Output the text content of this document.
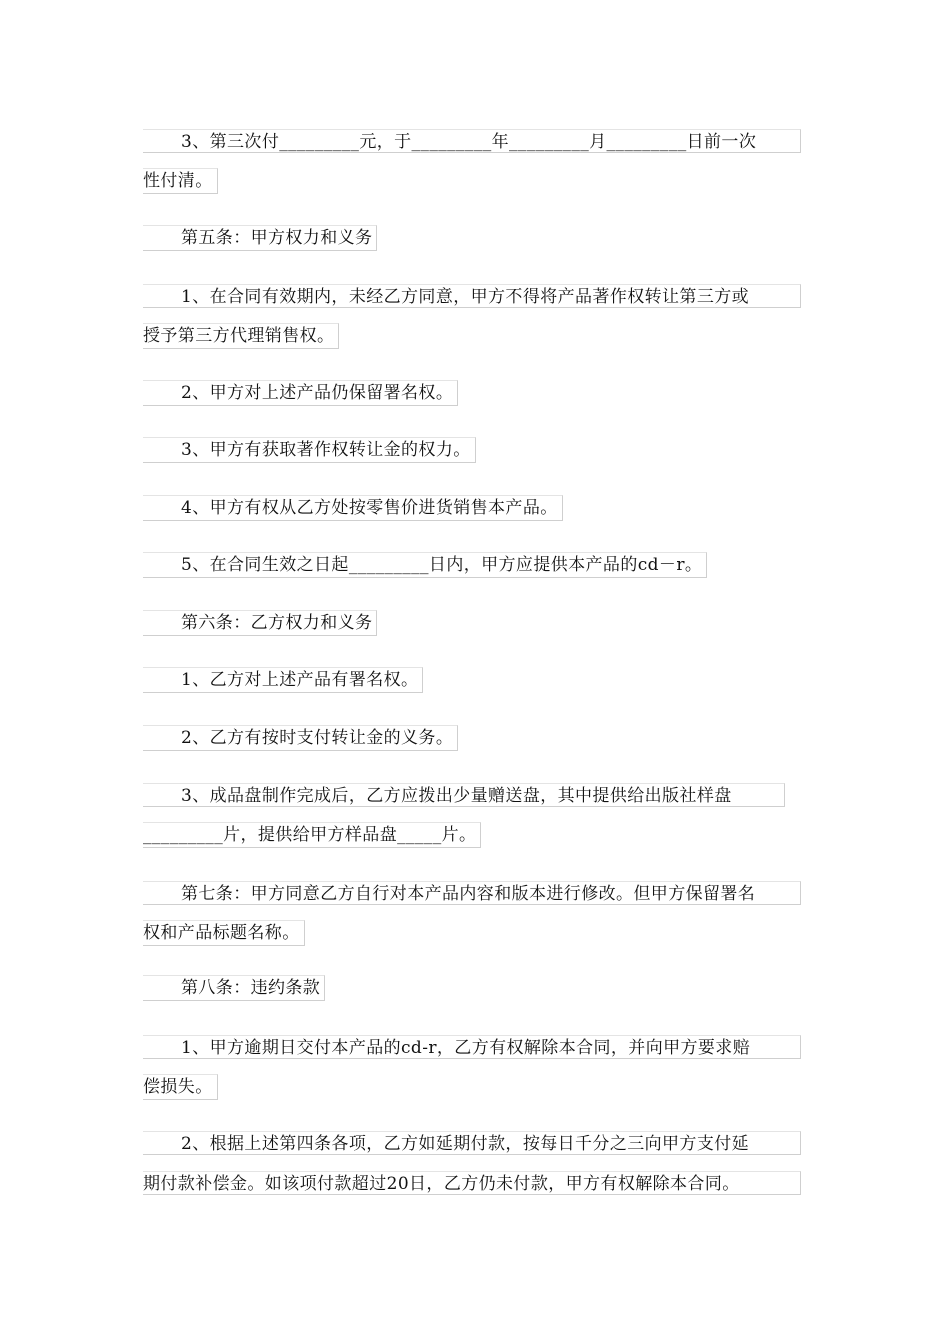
3、第三次付_________元，于_________年_________月_________日前一次
性付清。
第五条：甲方权力和义务
1、在合同有效期内，未经乙方同意，甲方不得将产品著作权转让第三方或
授予第三方代理销售权。
2、甲方对上述产品仍保留署名权。
3、甲方有获取著作权转让金的权力。
4、甲方有权从乙方处按零售价进货销售本产品。
5、在合同生效之日起_________日内，甲方应提供本产品的cd－r。
第六条：乙方权力和义务
1、乙方对上述产品有署名权。
2、乙方有按时支付转让金的义务。
3、成品盘制作完成后，乙方应拨出少量赠送盘，其中提供给出版社样盘
_________片，提供给甲方样品盘_____片。
第七条：甲方同意乙方自行对本产品内容和版本进行修改。但甲方保留署名
权和产品标题名称。
第八条：违约条款
1、甲方逾期日交付本产品的cd-r，乙方有权解除本合同，并向甲方要求赔
偿损失。
2、根据上述第四条各项，乙方如延期付款，按每日千分之三向甲方支付延
期付款补偿金。如该项付款超过20日，乙方仍未付款，甲方有权解除本合同。
